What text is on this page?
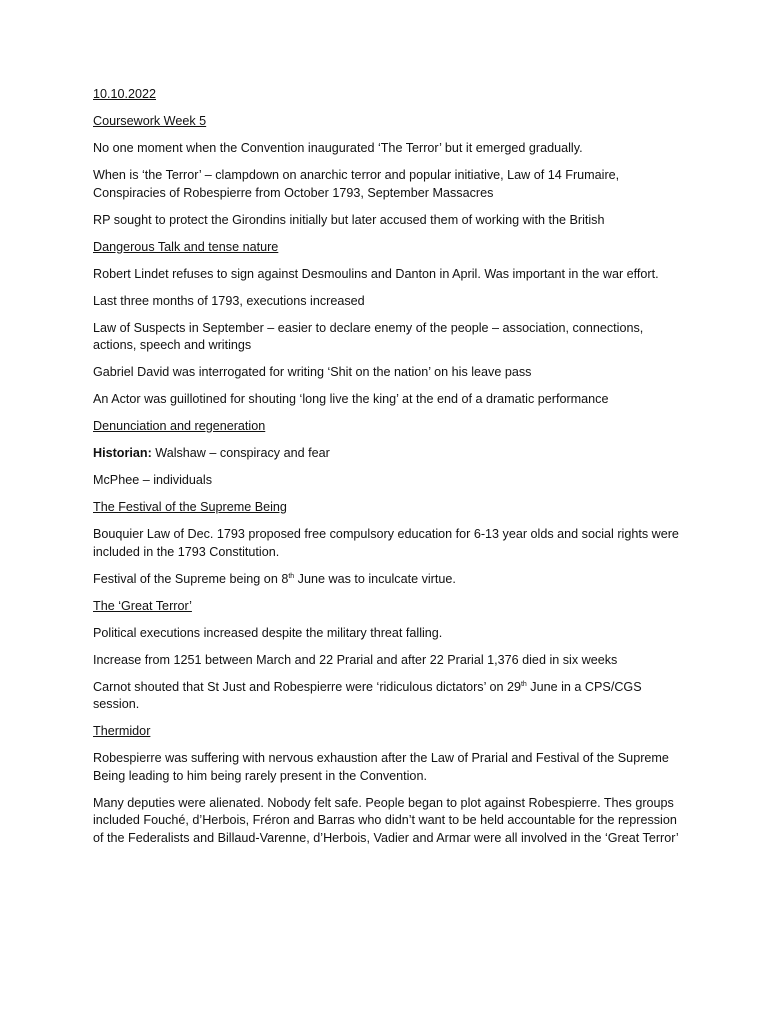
10.10.2022

Coursework Week 5

No one moment when the Convention inaugurated ‘The Terror’ but it emerged gradually.

When is ‘the Terror’ – clampdown on anarchic terror and popular initiative, Law of 14 Frumaire, Conspiracies of Robespierre from October 1793, September Massacres

RP sought to protect the Girondins initially but later accused them of working with the British

Dangerous Talk and tense nature

Robert Lindet refuses to sign against Desmoulins and Danton in April. Was important in the war effort.

Last three months of 1793, executions increased

Law of Suspects in September – easier to declare enemy of the people – association, connections, actions, speech and writings

Gabriel David was interrogated for writing ‘Shit on the nation’ on his leave pass

An Actor was guillotined for shouting ‘long live the king’ at the end of a dramatic performance

Denunciation and regeneration

Historian: Walshaw – conspiracy and fear

McPhee – individuals

The Festival of the Supreme Being

Bouquier Law of Dec. 1793 proposed free compulsory education for 6-13 year olds and social rights were included in the 1793 Constitution.

Festival of the Supreme being on 8th June was to inculcate virtue.

The ‘Great Terror’

Political executions increased despite the military threat falling.

Increase from 1251 between March and 22 Prarial and after 22 Prarial 1,376 died in six weeks

Carnot shouted that St Just and Robespierre were ‘ridiculous dictators’ on 29th June in a CPS/CGS session.

Thermidor

Robespierre was suffering with nervous exhaustion after the Law of Prarial and Festival of the Supreme Being leading to him being rarely present in the Convention.

Many deputies were alienated. Nobody felt safe. People began to plot against Robespierre. Thes groups included Fouché, d’Herbois, Fréron and Barras who didn’t want to be held accountable for the repression of the Federalists and Billaud-Varenne, d’Herbois, Vadier and Armar were all involved in the ‘Great Terror’
